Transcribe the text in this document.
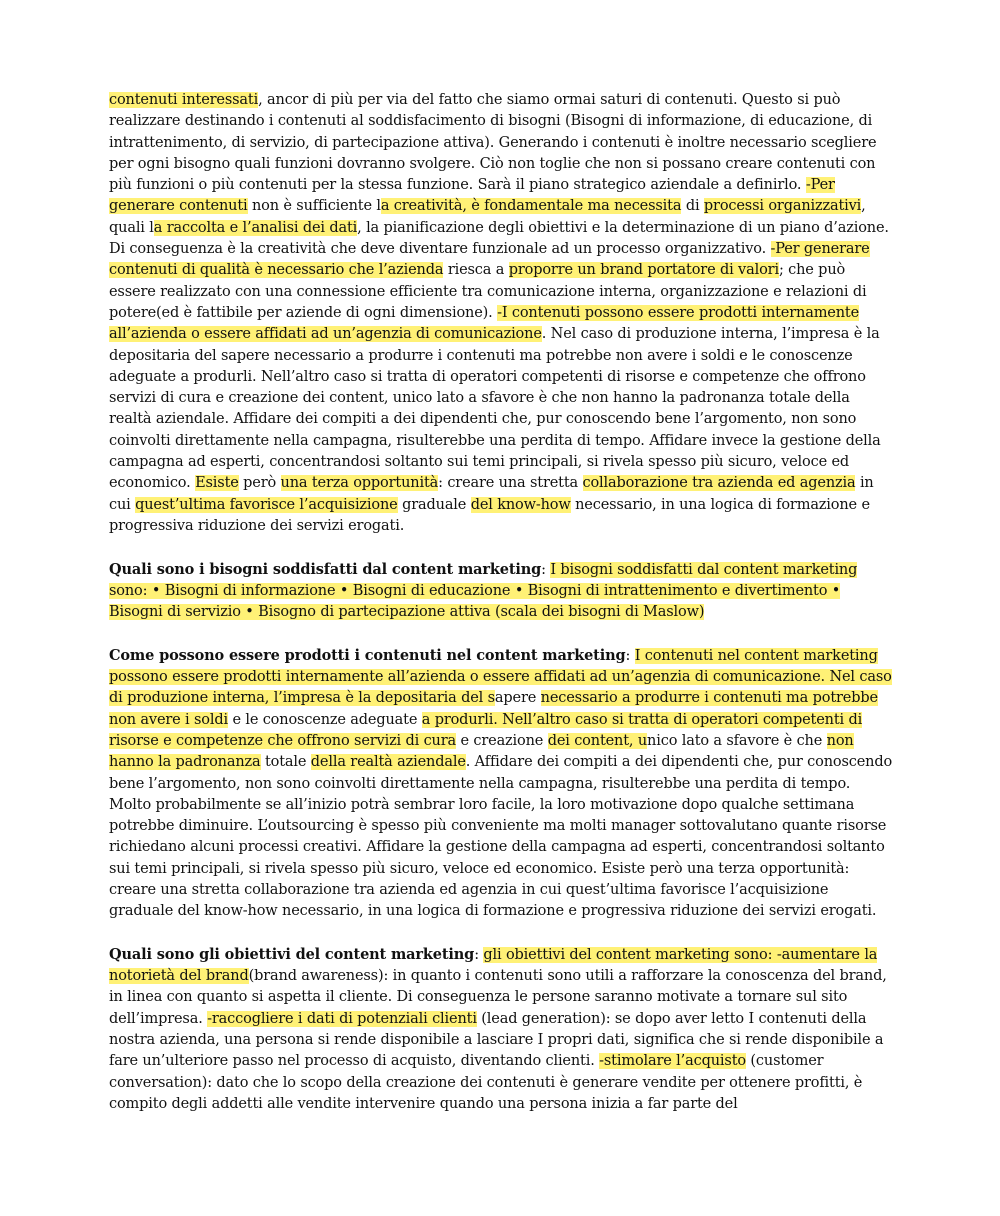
contenuti interessati, ancor di più per via del fatto che siamo ormai saturi di contenuti. Questo si può realizzare destinando i contenuti al soddisfacimento di bisogni (Bisogni di informazione, di educazione, di intrattenimento, di servizio, di partecipazione attiva). Generando i contenuti è inoltre necessario scegliere per ogni bisogno quali funzioni dovranno svolgere. Ciò non toglie che non si possano creare contenuti con più funzioni o più contenuti per la stessa funzione. Sarà il piano strategico aziendale a definirlo. -Per generare contenuti non è sufficiente la creatività, è fondamentale ma necessita di processi organizzativi, quali la raccolta e l’analisi dei dati, la pianificazione degli obiettivi e la determinazione di un piano d’azione. Di conseguenza è la creatività che deve diventare funzionale ad un processo organizzativo. -Per generare contenuti di qualità è necessario che l’azienda riesca a proporre un brand portatore di valori; che può essere realizzato con una connessione efficiente tra comunicazione interna, organizzazione e relazioni di potere(ed è fattibile per aziende di ogni dimensione). -I contenuti possono essere prodotti internamente all’azienda o essere affidati ad un’agenzia di comunicazione. Nel caso di produzione interna, l’impresa è la depositaria del sapere necessario a produrre i contenuti ma potrebbe non avere i soldi e le conoscenze adeguate a produrli. Nell’altro caso si tratta di operatori competenti di risorse e competenze che offrono servizi di cura e creazione dei content, unico lato a sfavore è che non hanno la padronanza totale della realtà aziendale. Affidare dei compiti a dei dipendenti che, pur conoscendo bene l’argomento, non sono coinvolti direttamente nella campagna, risulterebbe una perdita di tempo. Affidare invece la gestione della campagna ad esperti, concentrandosi soltanto sui temi principali, si rivela spesso più sicuro, veloce ed economico. Esiste però una terza opportunità: creare una stretta collaborazione tra azienda ed agenzia in cui quest’ultima favorisce l’acquisizione graduale del know-how necessario, in una logica di formazione e progressiva riduzione dei servizi erogati.

Quali sono i bisogni soddisfatti dal content marketing: I bisogni soddisfatti dal content marketing sono: • Bisogni di informazione • Bisogni di educazione • Bisogni di intrattenimento e divertimento • Bisogni di servizio • Bisogno di partecipazione attiva (scala dei bisogni di Maslow)

Come possono essere prodotti i contenuti nel content marketing: I contenuti nel content marketing possono essere prodotti internamente all’azienda o essere affidati ad un’agenzia di comunicazione. Nel caso di produzione interna, l’impresa è la depositaria del sapere necessario a produrre i contenuti ma potrebbe non avere i soldi e le conoscenze adeguate a produrli. Nell’altro caso si tratta di operatori competenti di risorse e competenze che offrono servizi di cura e creazione dei content, unico lato a sfavore è che non hanno la padronanza totale della realtà aziendale. Affidare dei compiti a dei dipendenti che, pur conoscendo bene l’argomento, non sono coinvolti direttamente nella campagna, risulterebbe una perdita di tempo. Molto probabilmente se all’inizio potrà sembrar loro facile, la loro motivazione dopo qualche settimana potrebbe diminuire. L’outsourcing è spesso più conveniente ma molti manager sottovalutano quante risorse richiedano alcuni processi creativi. Affidare la gestione della campagna ad esperti, concentrandosi soltanto sui temi principali, si rivela spesso più sicuro, veloce ed economico. Esiste però una terza opportunità: creare una stretta collaborazione tra azienda ed agenzia in cui quest’ultima favorisce l’acquisizione graduale del know-how necessario, in una logica di formazione e progressiva riduzione dei servizi erogati.

Quali sono gli obiettivi del content marketing: gli obiettivi del content marketing sono: -aumentare la notorietà del brand(brand awareness): in quanto i contenuti sono utili a rafforzare la conoscenza del brand, in linea con quanto si aspetta il cliente. Di conseguenza le persone saranno motivate a tornare sul sito dell’impresa. -raccogliere i dati di potenziali clienti (lead generation): se dopo aver letto I contenuti della nostra azienda, una persona si rende disponibile a lasciare I propri dati, significa che si rende disponibile a fare un’ulteriore passo nel processo di acquisto, diventando clienti. -stimolare l’acquisto (customer conversation): dato che lo scopo della creazione dei contenuti è generare vendite per ottenere profitti, è compito degli addetti alle vendite intervenire quando una persona inizia a far parte del
